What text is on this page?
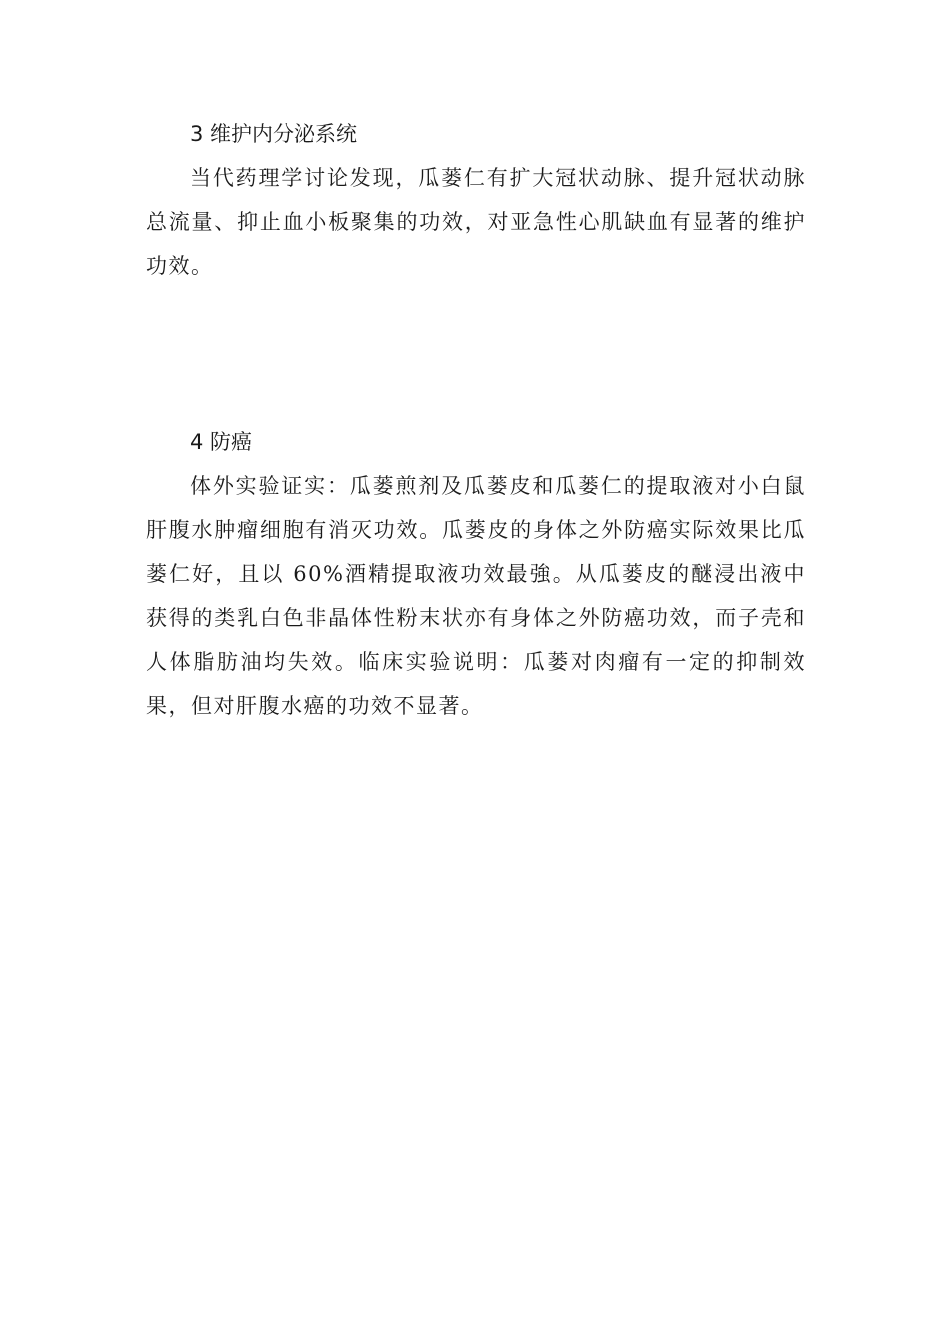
3 维护内分泌系统

当代药理学讨论发现，瓜蒌仁有扩大冠状动脉、提升冠状动脉总流量、抑止血小板聚集的功效，对亚急性心肌缺血有显著的维护功效。

4 防癌

体外实验证实：瓜蒌煎剂及瓜蒌皮和瓜蒌仁的提取液对小白鼠肝腹水肿瘤细胞有消灭功效。瓜蒌皮的身体之外防癌实际效果比瓜蒌仁好，且以 60%酒精提取液功效最強。从瓜蒌皮的醚浸出液中获得的类乳白色非晶体性粉末状亦有身体之外防癌功效，而子壳和人体脂肪油均失效。临床实验说明：瓜蒌对肉瘤有一定的抑制效果，但对肝腹水癌的功效不显著。
